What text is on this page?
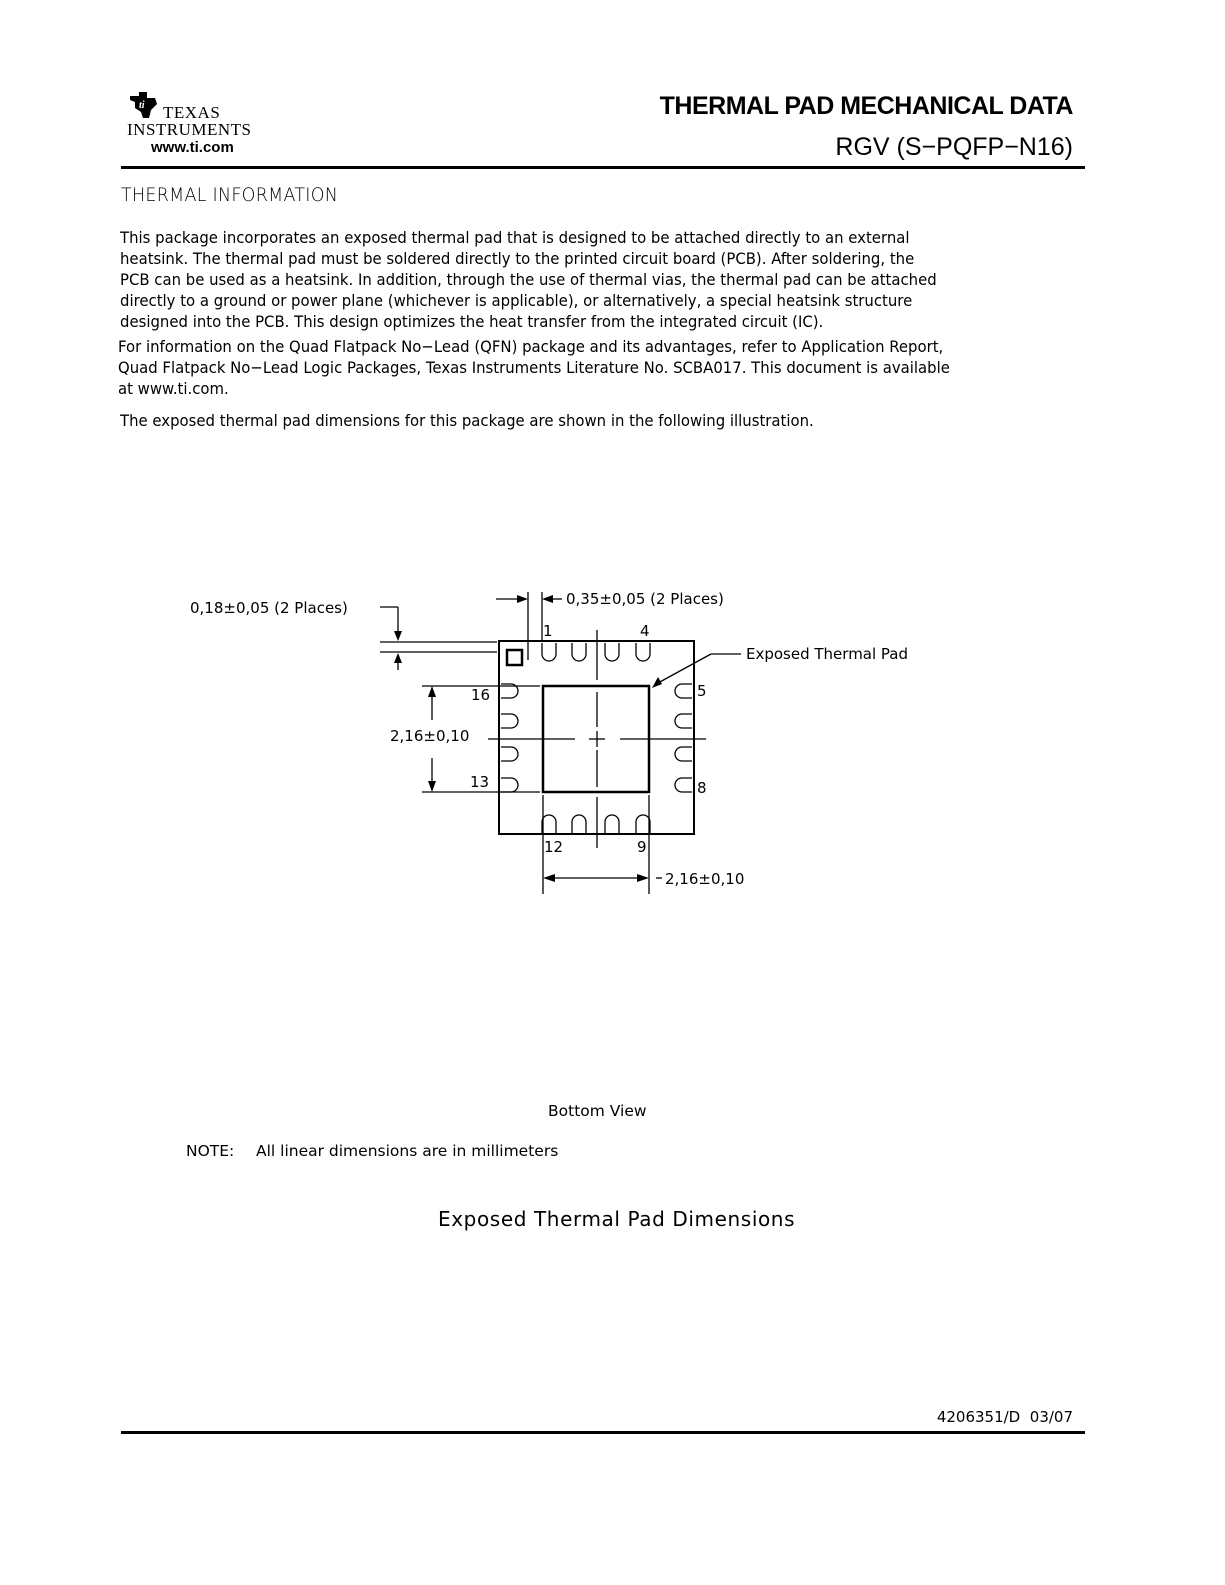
ti TEXAS
INSTRUMENTS
www.ti.com
THERMAL PAD MECHANICAL DATA
RGV (S−PQFP−N16)
THERMAL INFORMATION
This package incorporates an exposed thermal pad that is designed to be attached directly to an external
heatsink. The thermal pad must be soldered directly to the printed circuit board (PCB). After soldering, the
PCB can be used as a heatsink. In addition, through the use of thermal vias, the thermal pad can be attached
directly to a ground or power plane (whichever is applicable), or alternatively, a special heatsink structure
designed into the PCB. This design optimizes the heat transfer from the integrated circuit (IC).
For information on the Quad Flatpack No−Lead (QFN) package and its advantages, refer to Application Report,
Quad Flatpack No−Lead Logic Packages, Texas Instruments Literature No. SCBA017. This document is available
at www.ti.com.
The exposed thermal pad dimensions for this package are shown in the following illustration.
0,18±0,05 (2 Places)	0,35±0,05 (2 Places)
2,16±0,10
2,16±0,10
Exposed Thermal Pad
1	4
5
8
9
12
13
16
Bottom View
NOTE: All linear dimensions are in millimeters
Exposed Thermal Pad Dimensions
4206351/D  03/07
